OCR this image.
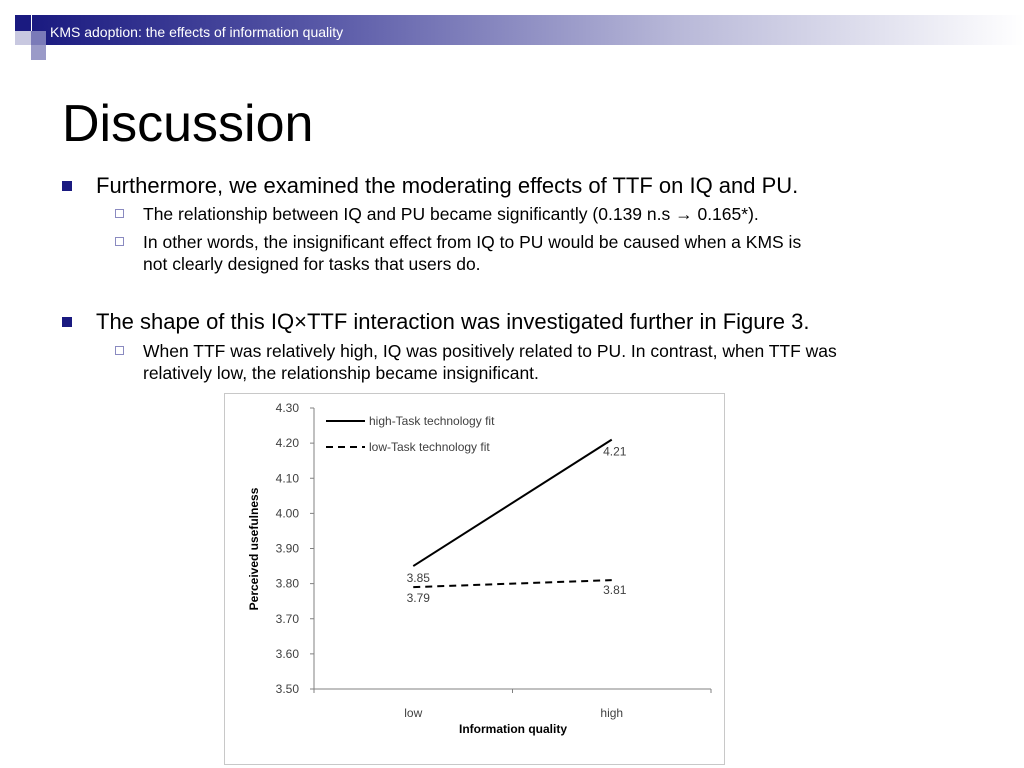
KMS adoption: the effects of information quality
Discussion
Furthermore, we examined the moderating effects of TTF on IQ and PU.
The relationship between IQ and PU became significantly (0.139 n.s → 0.165*).
In other words, the insignificant effect from IQ to PU would be caused when a KMS is
not clearly designed for tasks that users do.
The shape of this IQ×TTF interaction was investigated further in Figure 3.
When TTF was relatively high, IQ was positively related to PU. In contrast, when TTF was
relatively low, the relationship became insignificant.
4.30
4.20
4.10
4.00
3.90
3.80
3.70
3.60
3.50
low	high
3.85
4.21
3.79
3.81
high-Task technology fit
low-Task technology fit
Information quality
Perceived usefulness
